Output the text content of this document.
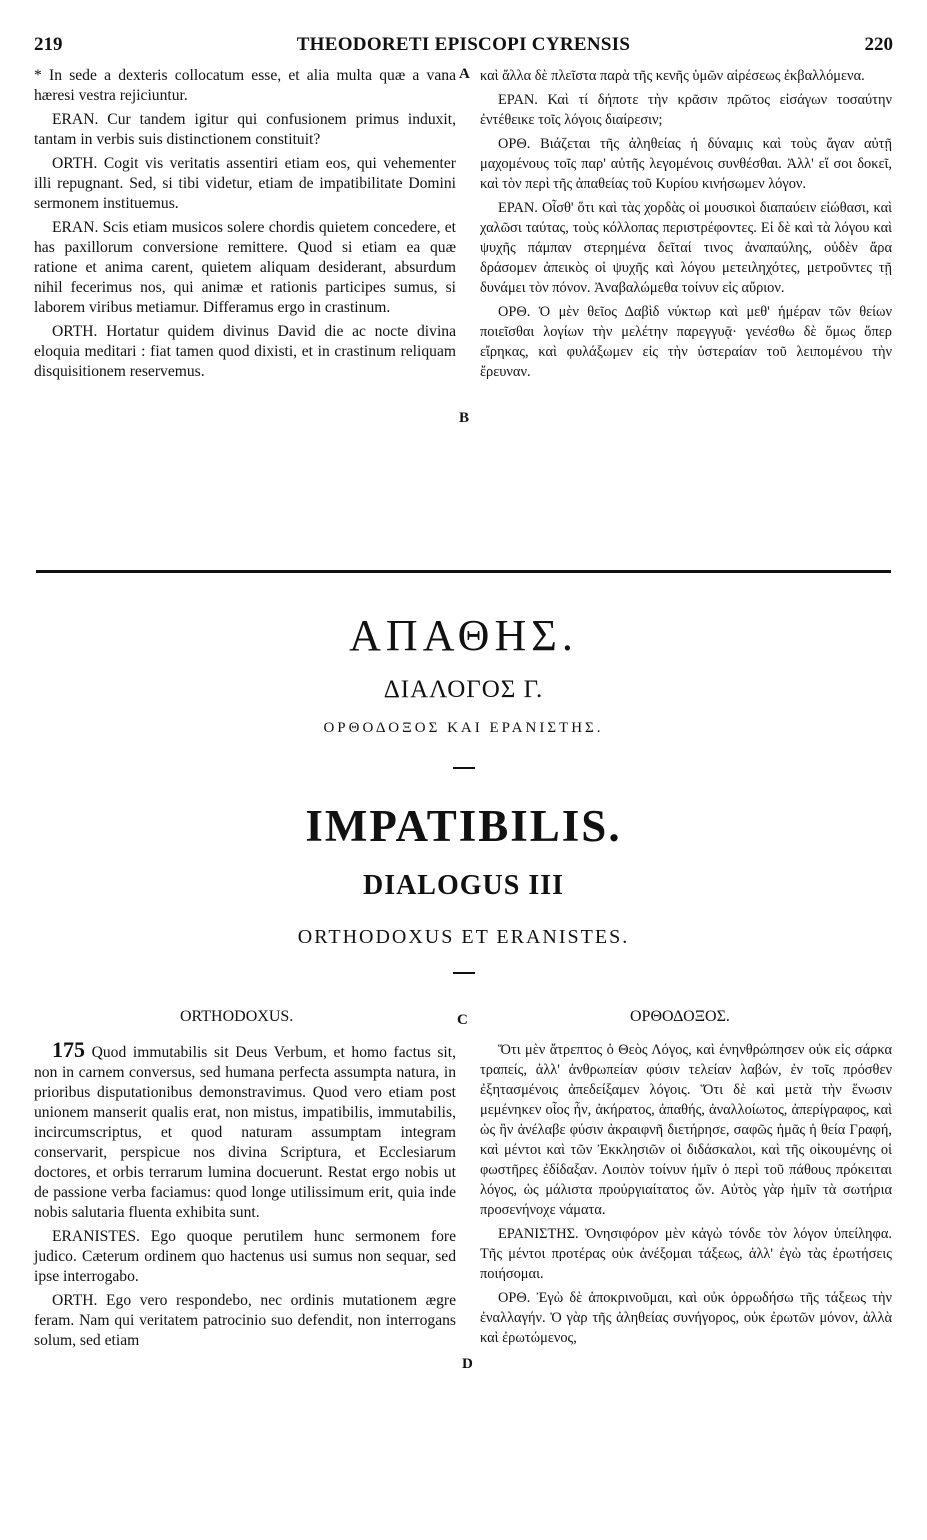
219	THEODORETI EPISCOPI CYRENSIS	220

* In sede a dexteris collocatum esse, et alia multa quæ a vana hæresi vestra rejiciuntur.

ERAN. Cur tandem igitur qui confusionem primus induxit, tantam in verbis suis distinctionem constituit?

ORTH. Cogit vis veritatis assentiri etiam eos, qui vehementer illi repugnant. Sed, si tibi videtur, etiam de impatibilitate Domini sermonem instituemus.

ERAN. Scis etiam musicos solere chordis quietem concedere, et has paxillorum conversione remittere. Quod si etiam ea quæ ratione et anima carent, quietem aliquam desiderant, absurdum nihil fecerimus nos, qui animæ et rationis participes sumus, si laborem viribus metiamur. Differamus ergo in crastinum.

ORTH. Hortatur quidem divinus David die ac nocte divina eloquia meditari : fiat tamen quod dixisti, et in crastinum reliquam disquisitionem reservemus.

καὶ ἄλλα δὲ πλεῖστα παρὰ τῆς κενῆς ὑμῶν αἱρέσεως ἐκβαλλόμενα.

ΕΡΑΝ. Καὶ τί δήποτε τὴν κρᾶσιν πρῶτος εἰσάγων τοσαύτην ἐντέθεικε τοῖς λόγοις διαίρεσιν;

ΟΡΘ. Βιάζεται τῆς ἀληθείας ἡ δύναμις καὶ τοὺς ἄγαν αὐτῇ μαχομένους τοῖς παρ' αὐτῆς λεγομένοις συνθέσθαι. Ἀλλ' εἴ σοι δοκεῖ, καὶ τὸν περὶ τῆς ἀπαθείας τοῦ Κυρίου κινήσωμεν λόγον.

ΕΡΑΝ. Οἶσθ' ὅτι καὶ τὰς χορδὰς οἱ μουσικοὶ διαπαύειν εἰώθασι, καὶ χαλῶσι ταύτας, τοὺς κόλλοπας περιστρέφοντες. Εἰ δὲ καὶ τὰ λόγου καὶ ψυχῆς πάμπαν στερημένα δεῖταί τινος ἀναπαύλης, οὐδὲν ἄρα δράσομεν ἀπεικὸς οἱ ψυχῆς καὶ λόγου μετειληχότες, μετροῦντες τῇ δυνάμει τὸν πόνον. Ἀναβαλώμεθα τοίνυν εἰς αὔριον.

ΟΡΘ. Ὁ μὲν θεῖος Δαβὶδ νύκτωρ καὶ μεθ' ἡμέραν τῶν θείων ποιεῖσθαι λογίων τὴν μελέτην παρεγγυᾷ· γενέσθω δὲ ὅμως ὅπερ εἴρηκας, καὶ φυλάξωμεν εἰς τὴν ὑστεραίαν τοῦ λειπομένου τὴν ἔρευναν.

A
B
ΑΠΑΘΗΣ.
ΔΙΑΛΟΓΟΣ Γ.
ΟΡΘΟΔΟΞΟΣ ΚΑΙ ΕΡΑΝΙΣΤΗΣ.
IMPATIBILIS.
DIALOGUS III
ORTHODOXUS ET ERANISTES.
ORTHODOXUS.	ΟΡΘΟΔΟΞΟΣ.
C

175 Quod immutabilis sit Deus Verbum, et homo factus sit, non in carnem conversus, sed humana perfecta assumpta natura, in prioribus disputationibus demonstravimus. Quod vero etiam post unionem manserit qualis erat, non mistus, impatibilis, immutabilis, incircumscriptus, et quod naturam assumptam integram conservarit, perspicue nos divina Scriptura, et Ecclesiarum doctores, et orbis terrarum lumina docuerunt. Restat ergo nobis ut de passione verba faciamus: quod longe utilissimum erit, quia inde nobis salutaria fluenta exhibita sunt.

ERANISTES. Ego quoque perutilem hunc sermonem fore judico. Cæterum ordinem quo hactenus usi sumus non sequar, sed ipse interrogabo.

ORTH. Ego vero respondebo, nec ordinis mutationem ægre feram. Nam qui veritatem patrocinio suo defendit, non interrogans solum, sed etiam

Ὅτι μὲν ἄτρεπτος ὁ Θεὸς Λόγος, καὶ ἐνηνθρώπησεν οὐκ εἰς σάρκα τραπείς, ἀλλ' ἀνθρωπείαν φύσιν τελείαν λαβών, ἐν τοῖς πρόσθεν ἐξητασμένοις ἀπεδείξαμεν λόγοις. Ὅτι δὲ καὶ μετὰ τὴν ἕνωσιν μεμένηκεν οἷος ἦν, ἀκήρατος, ἀπαθής, ἀναλλοίωτος, ἀπερίγραφος, καὶ ὡς ἣν ἀνέλαβε φύσιν ἀκραιφνῆ διετήρησε, σαφῶς ἡμᾶς ἡ θεία Γραφή, καὶ μέντοι καὶ τῶν Ἐκκλησιῶν οἱ διδάσκαλοι, καὶ τῆς οἰκουμένης οἱ φωστῆρες ἐδίδαξαν. Λοιπὸν τοίνυν ἡμῖν ὁ περὶ τοῦ πάθους πρόκειται λόγος, ὡς μάλιστα προὐργιαίτατος ὤν. Αὐτὸς γὰρ ἡμῖν τὰ σωτήρια προσενήνοχε νάματα.

ΕΡΑΝΙΣΤΗΣ. Ὀνησιφόρον μὲν κἀγὼ τόνδε τὸν λόγον ὑπείληφα. Τῆς μέντοι προτέρας οὐκ ἀνέξομαι τάξεως, ἀλλ' ἐγὼ τὰς ἐρωτήσεις ποιήσομαι.

ΟΡΘ. Ἐγὼ δὲ ἀποκρινοῦμαι, καὶ οὐκ ὀρρωδήσω τῆς τάξεως τὴν ἐναλλαγήν. Ὁ γὰρ τῆς ἀληθείας συνήγορος, οὐκ ἐρωτῶν μόνον, ἀλλὰ καὶ ἐρωτώμενος,

D
